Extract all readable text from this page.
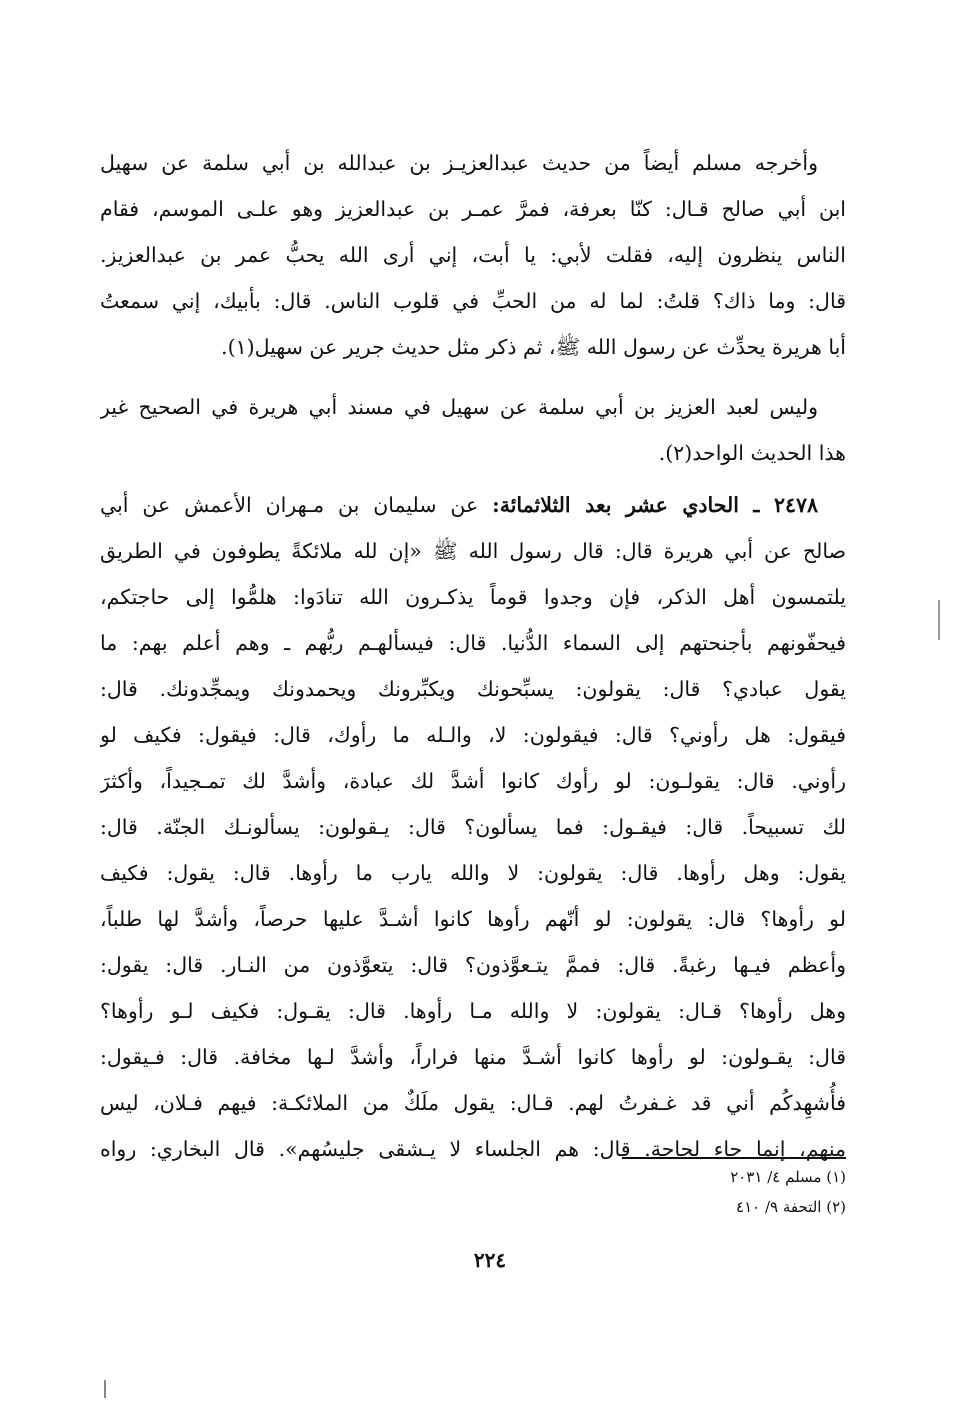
وأخرجه مسلم أيضاً من حديث عبدالعزيـز بن عبدالله بن أبي سلمة عن سهيل
ابن أبي صالح قـال: كنّا بعرفة، فمرَّ عمـر بن عبدالعزيز وهو علـى الموسم، فقام
الناس ينظرون إليه، فقلت لأبي: يا أبت، إني أرى الله يحبُّ عمر بن عبدالعزيز.
قال: وما ذاك؟ قلتُ: لما له من الحبِّ في قلوب الناس. قال: بأبيك، إني سمعتُ
أبا هريرة يحدِّث عن رسول الله ﷺ، ثم ذكر مثل حديث جرير عن سهيل(١).
وليس لعبد العزيز بن أبي سلمة عن سهيل في مسند أبي هريرة في الصحيح غير
هذا الحديث الواحد(٢).
٢٤٧٨ ـ الحادي عشر بعد الثلاثمائة: عن سليمان بن مـهران الأعمش عن أبي
صالح عن أبي هريرة قال: قال رسول الله ﷺ «إن لله ملائكةً يطوفون في الطريق
يلتمسون أهل الذكر، فإن وجدوا قوماً يذكـرون الله تنادَوا: هلمُّوا إلى حاجتكم،
فيحفّونهم بأجنحتهم إلى السماء الدُّنيا. قال: فيسألهـم ربُّهم ـ وهم أعلم بهم: ما
يقول عبادي؟ قال: يقولون: يسبِّحونك ويكبِّرونك ويحمدونك ويمجِّدونك. قال:
فيقول: هل رأوني؟ قال: فيقولون: لا، والـله ما رأوك، قال: فيقول: فكيف لو
رأوني. قال: يقولـون: لو رأوك كانوا أشدَّ لك عبادة، وأشدَّ لك تمـجيداً، وأكثرَ
لك تسبيحاً. قال: فيقـول: فما يسألون؟ قال: يـقولون: يسألونـك الجنّة. قال:
يقول: وهل رأوها. قال: يقولون: لا والله يارب ما رأوها. قال: يقول: فكيف
لو رأوها؟ قال: يقولون: لو أنّهم رأوها كانوا أشـدَّ عليها حرصاً، وأشدَّ لها طلباً،
وأعظم فيـها رغبةً. قال: فممَّ يتـعوَّذون؟ قال: يتعوَّذون من النـار. قال: يقول:
وهل رأوها؟ قـال: يقولون: لا والله مـا رأوها. قال: يقـول: فكيف لـو رأوها؟
قال: يقـولون: لو رأوها كانوا أشـدَّ منها فراراً، وأشدَّ لـها مخافة. قال: فـيقول:
فأُشهِدكُم أني قد غـفرتُ لهم. قـال: يقول ملَكٌ من الملائكـة: فيهم فـلان، ليس
منهم، إنما جاء لحاجة. قال: هم الجلساء لا يـشقى جليسُهم». قال البخاري: رواه
(١) مسلم ٤/ ٢٠٣١
(٢) التحفة ٩/ ٤١٠
٢٢٤
